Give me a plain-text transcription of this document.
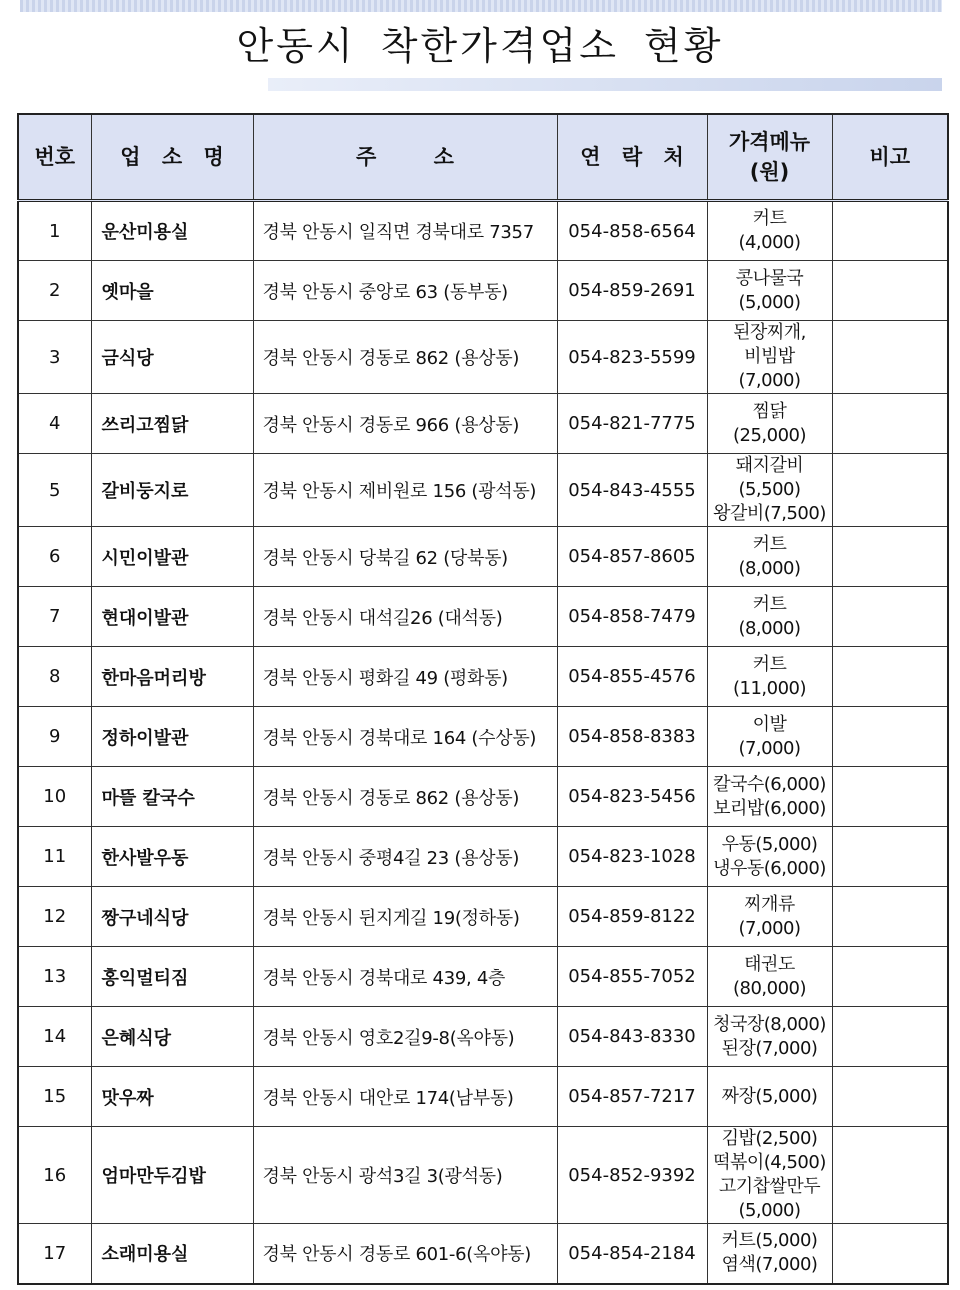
안동시 착한가격업소 현황
번호	업 소 명	주 소	연 락 처	가격메뉴
(원)	비고
1	운산미용실	경북 안동시 일직면 경북대로 7357	054-858-6564	커트
(4,000)	

2	옛마을	경북 안동시 중앙로 63 (동부동)	054-859-2691	콩나물국
(5,000)	

3	금식당	경북 안동시 경동로 862 (용상동)	054-823-5599	된장찌개,
비빔밥
(7,000)	

4	쓰리고찜닭	경북 안동시 경동로 966 (용상동)	054-821-7775	찜닭
(25,000)	

5	갈비둥지로	경북 안동시 제비원로 156 (광석동)	054-843-4555	돼지갈비(5,500)
왕갈비(7,500)	

6	시민이발관	경북 안동시 당북길 62 (당북동)	054-857-8605	커트
(8,000)	

7	현대이발관	경북 안동시 대석길26 (대석동)	054-858-7479	커트
(8,000)	

8	한마음머리방	경북 안동시 평화길 49 (평화동)	054-855-4576	커트
(11,000)	

9	정하이발관	경북 안동시 경북대로 164 (수상동)	054-858-8383	이발
(7,000)	

10	마뜰 칼국수	경북 안동시 경동로 862 (용상동)	054-823-5456	칼국수(6,000)
보리밥(6,000)	

11	한사발우동	경북 안동시 중평4길 23 (용상동)	054-823-1028	우동(5,000)
냉우동(6,000)	

12	짱구네식당	경북 안동시 뒨지게길 19(정하동)	054-859-8122	찌개류
(7,000)	

13	홍익멀티짐	경북 안동시 경북대로 439, 4층	054-855-7052	태권도
(80,000)	

14	은혜식당	경북 안동시 영호2길9-8(옥야동)	054-843-8330	청국장(8,000)
된장(7,000)	

15	맛우짜	경북 안동시 대안로 174(남부동)	054-857-7217	짜장(5,000)	

16	엄마만두김밥	경북 안동시 광석3길 3(광석동)	054-852-9392	김밥(2,500)
떡볶이(4,500)
고기찹쌀만두
(5,000)	

17	소래미용실	경북 안동시 경동로 601-6(옥야동)	054-854-2184	커트(5,000)
염색(7,000)	
